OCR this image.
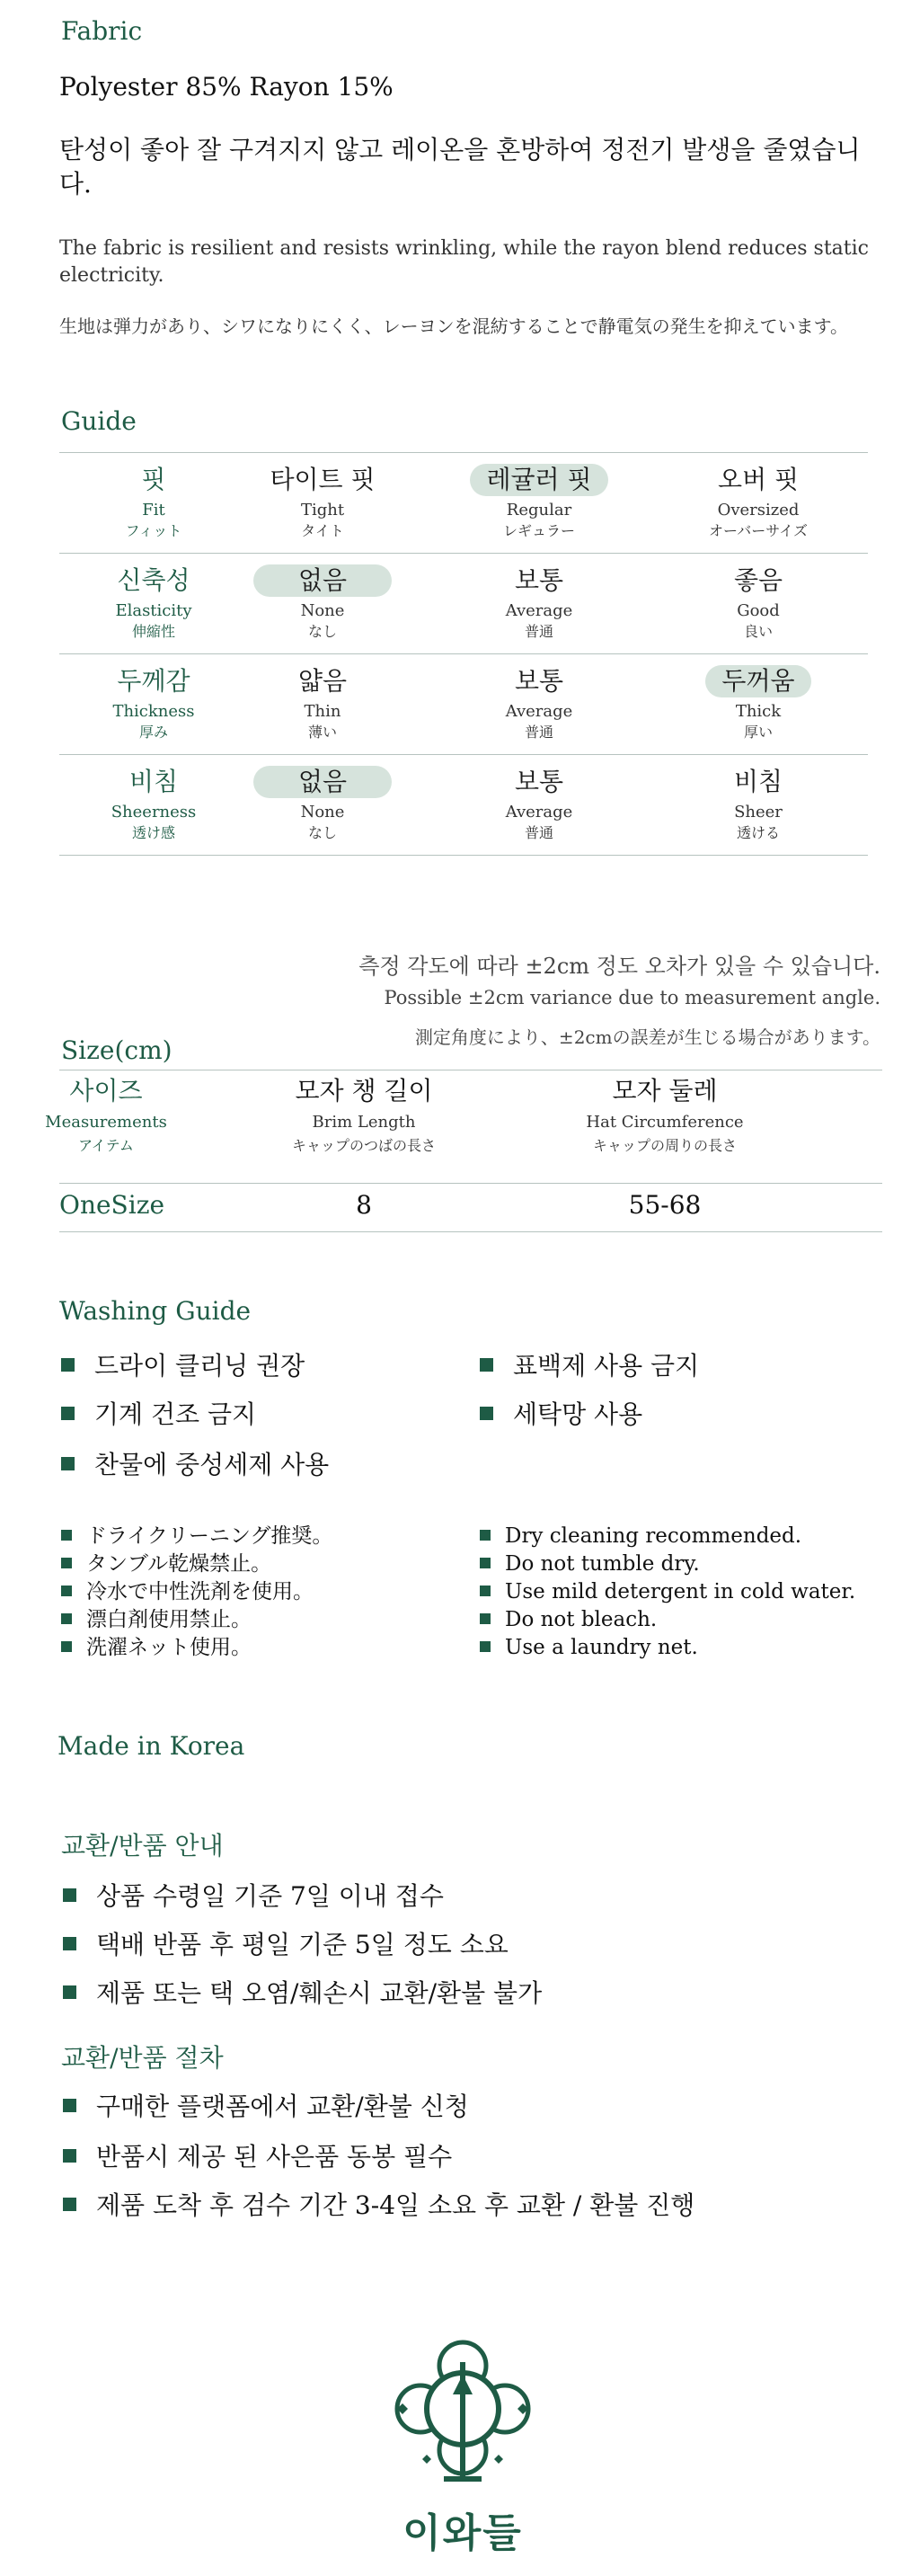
Fabric
Polyester 85% Rayon 15%
탄성이 좋아 잘 구겨지지 않고 레이온을 혼방하여 정전기 발생을 줄였습니다.
The fabric is resilient and resists wrinkling, while the rayon blend reduces static electricity.
生地は弾力があり、シワになりにくく、レーヨンを混紡することで静電気の発生を抑えています。
Guide
핏
Fit
フィット
타이트 핏
Tight
タイト
레귤러 핏
Regular
レギュラー
오버 핏
Oversized
オーバーサイズ
신축성
Elasticity
伸縮性
없음
None
なし
보통
Average
普通
좋음
Good
良い
두께감
Thickness
厚み
얇음
Thin
薄い
보통
Average
普通
두꺼움
Thick
厚い
비침
Sheerness
透け感
없음
None
なし
보통
Average
普通
비침
Sheer
透ける
측정 각도에 따라 ±2cm 정도 오차가 있을 수 있습니다.
Possible ±2cm variance due to measurement angle.
測定角度により、±2cmの誤差が生じる場合があります。
Size(cm)
사이즈
Measurements
アイテム
모자 챙 길이
Brim Length
キャップのつばの長さ
모자 둘레
Hat Circumference
キャップの周りの長さ
OneSize	8	55-68
Washing Guide
드라이 클리닝 권장
기계 건조 금지
찬물에 중성세제 사용
표백제 사용 금지
세탁망 사용
ドライクリーニング推奨。
タンブル乾燥禁止。
冷水で中性洗剤を使用。
漂白剤使用禁止。
洗濯ネット使用。
Dry cleaning recommended.
Do not tumble dry.
Use mild detergent in cold water.
Do not bleach.
Use a laundry net.
Made in Korea
교환/반품 안내
상품 수령일 기준 7일 이내 접수
택배 반품 후 평일 기준 5일 정도 소요
제품 또는 택 오염/훼손시 교환/환불 불가
교환/반품 절차
구매한 플랫폼에서 교환/환불 신청
반품시 제공 된 사은품 동봉 필수
제품 도착 후 검수 기간 3-4일 소요 후 교환 / 환불 진행
이와들
